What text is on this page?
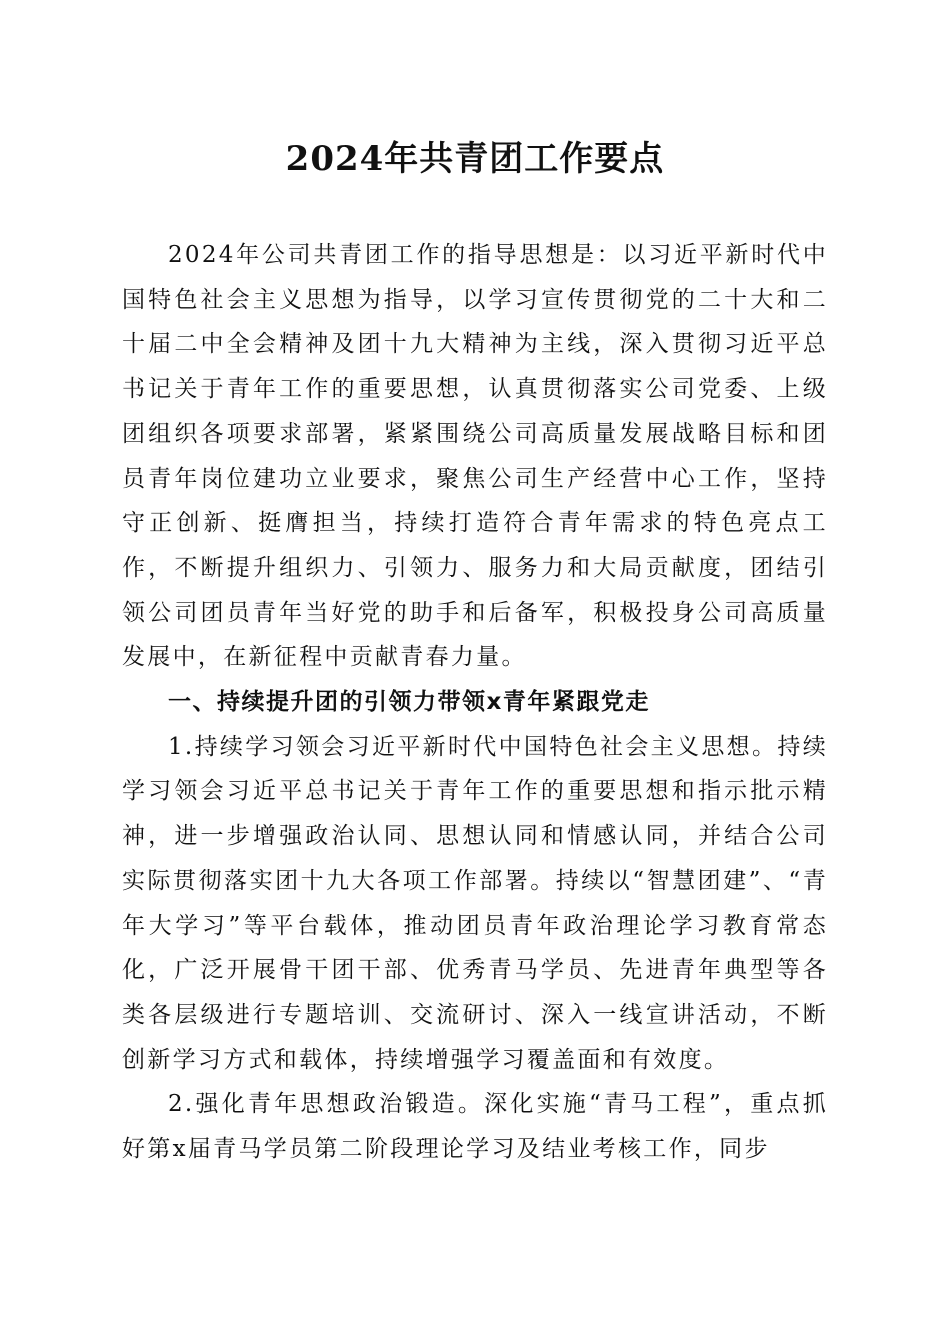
2024年共青团工作要点

2024年公司共青团工作的指导思想是：以习近平新时代中国特色社会主义思想为指导，以学习宣传贯彻党的二十大和二十届二中全会精神及团十九大精神为主线，深入贯彻习近平总书记关于青年工作的重要思想，认真贯彻落实公司党委、上级团组织各项要求部署，紧紧围绕公司高质量发展战略目标和团员青年岗位建功立业要求，聚焦公司生产经营中心工作，坚持守正创新、挺膺担当，持续打造符合青年需求的特色亮点工作，不断提升组织力、引领力、服务力和大局贡献度，团结引领公司团员青年当好党的助手和后备军，积极投身公司高质量发展中，在新征程中贡献青春力量。

一、持续提升团的引领力带领x青年紧跟党走

1.持续学习领会习近平新时代中国特色社会主义思想。持续学习领会习近平总书记关于青年工作的重要思想和指示批示精神，进一步增强政治认同、思想认同和情感认同，并结合公司实际贯彻落实团十九大各项工作部署。持续以“智慧团建”、“青年大学习”等平台载体，推动团员青年政治理论学习教育常态化，广泛开展骨干团干部、优秀青马学员、先进青年典型等各类各层级进行专题培训、交流研讨、深入一线宣讲活动，不断创新学习方式和载体，持续增强学习覆盖面和有效度。

2.强化青年思想政治锻造。深化实施“青马工程”，重点抓好第x届青马学员第二阶段理论学习及结业考核工作，同步
